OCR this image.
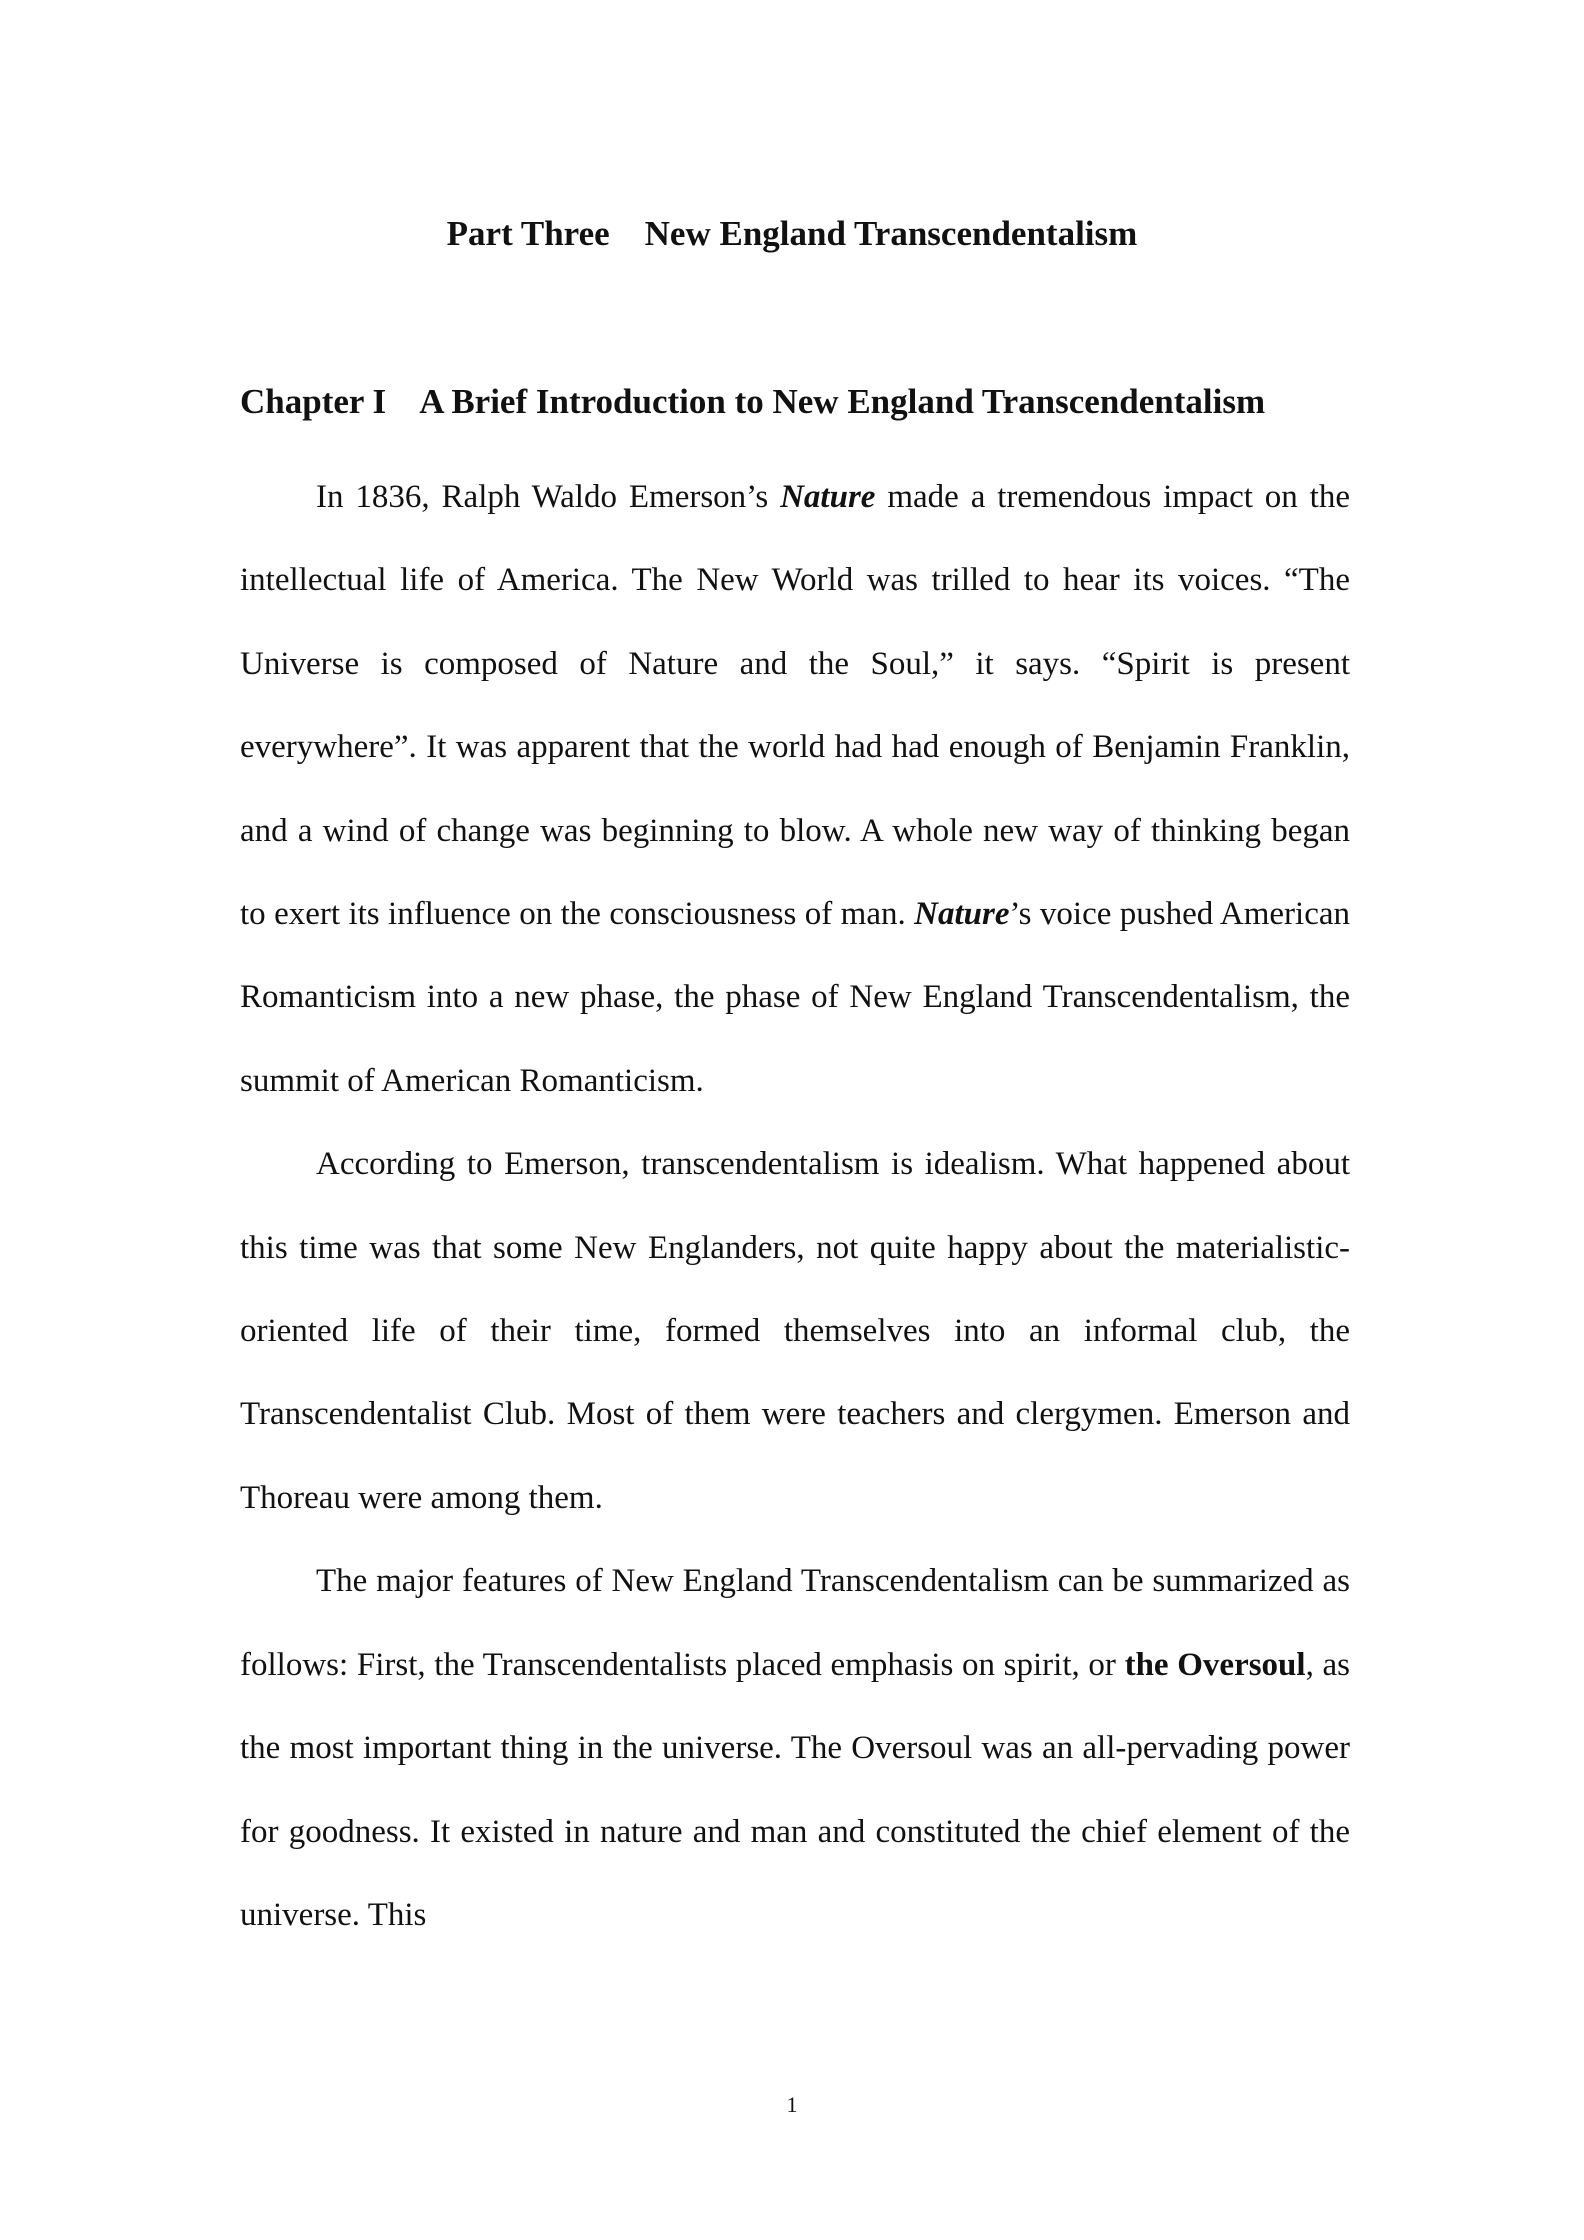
Part Three    New England Transcendentalism
Chapter I    A Brief Introduction to New England Transcendentalism

In 1836, Ralph Waldo Emerson’s Nature made a tremendous impact on the intellectual life of America. The New World was trilled to hear its voices. “The Universe is composed of Nature and the Soul,” it says. “Spirit is present everywhere”. It was apparent that the world had had enough of Benjamin Franklin, and a wind of change was beginning to blow. A whole new way of thinking began to exert its influence on the consciousness of man. Nature’s voice pushed American Romanticism into a new phase, the phase of New England Transcendentalism, the summit of American Romanticism.

According to Emerson, transcendentalism is idealism. What happened about this time was that some New Englanders, not quite happy about the materialistic-oriented life of their time, formed themselves into an informal club, the Transcendentalist Club. Most of them were teachers and clergymen. Emerson and Thoreau were among them.

The major features of New England Transcendentalism can be summarized as follows: First, the Transcendentalists placed emphasis on spirit, or the Oversoul, as the most important thing in the universe. The Oversoul was an all-pervading power for goodness. It existed in nature and man and constituted the chief element of the universe. This

1
